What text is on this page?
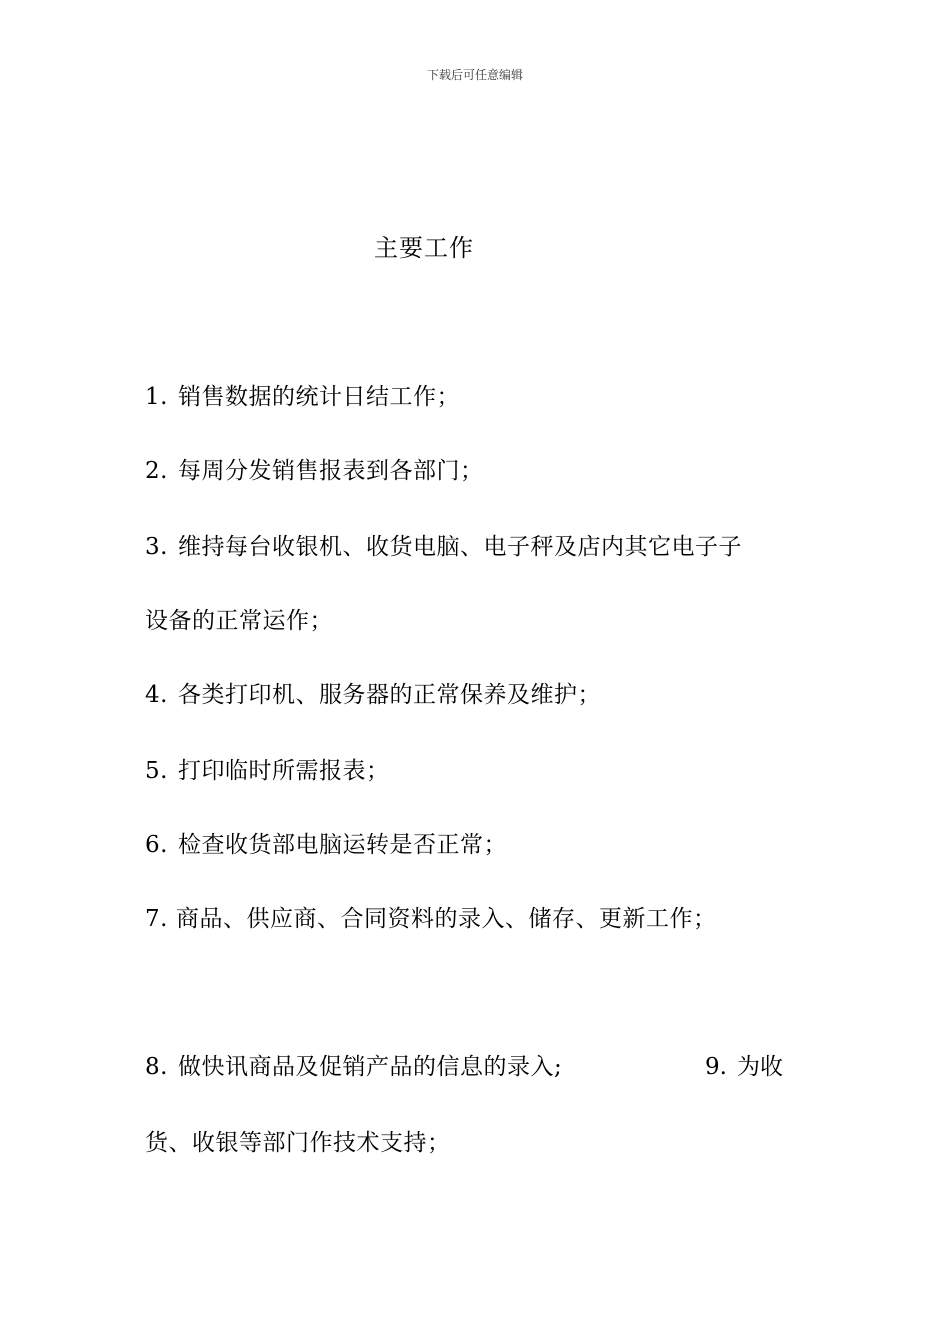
下载后可任意编辑
主要工作
1. 销售数据的统计日结工作；
2. 每周分发销售报表到各部门；
3. 维持每台收银机、收货电脑、电子秤及店内其它电子子
设备的正常运作；
4. 各类打印机、服务器的正常保养及维护；
5. 打印临时所需报表；
6. 检查收货部电脑运转是否正常；
7. 商品、供应商、合同资料的录入、储存、更新工作；
8. 做快讯商品及促销产品的信息的录入;	9. 为收
货、收银等部门作技术支持；
